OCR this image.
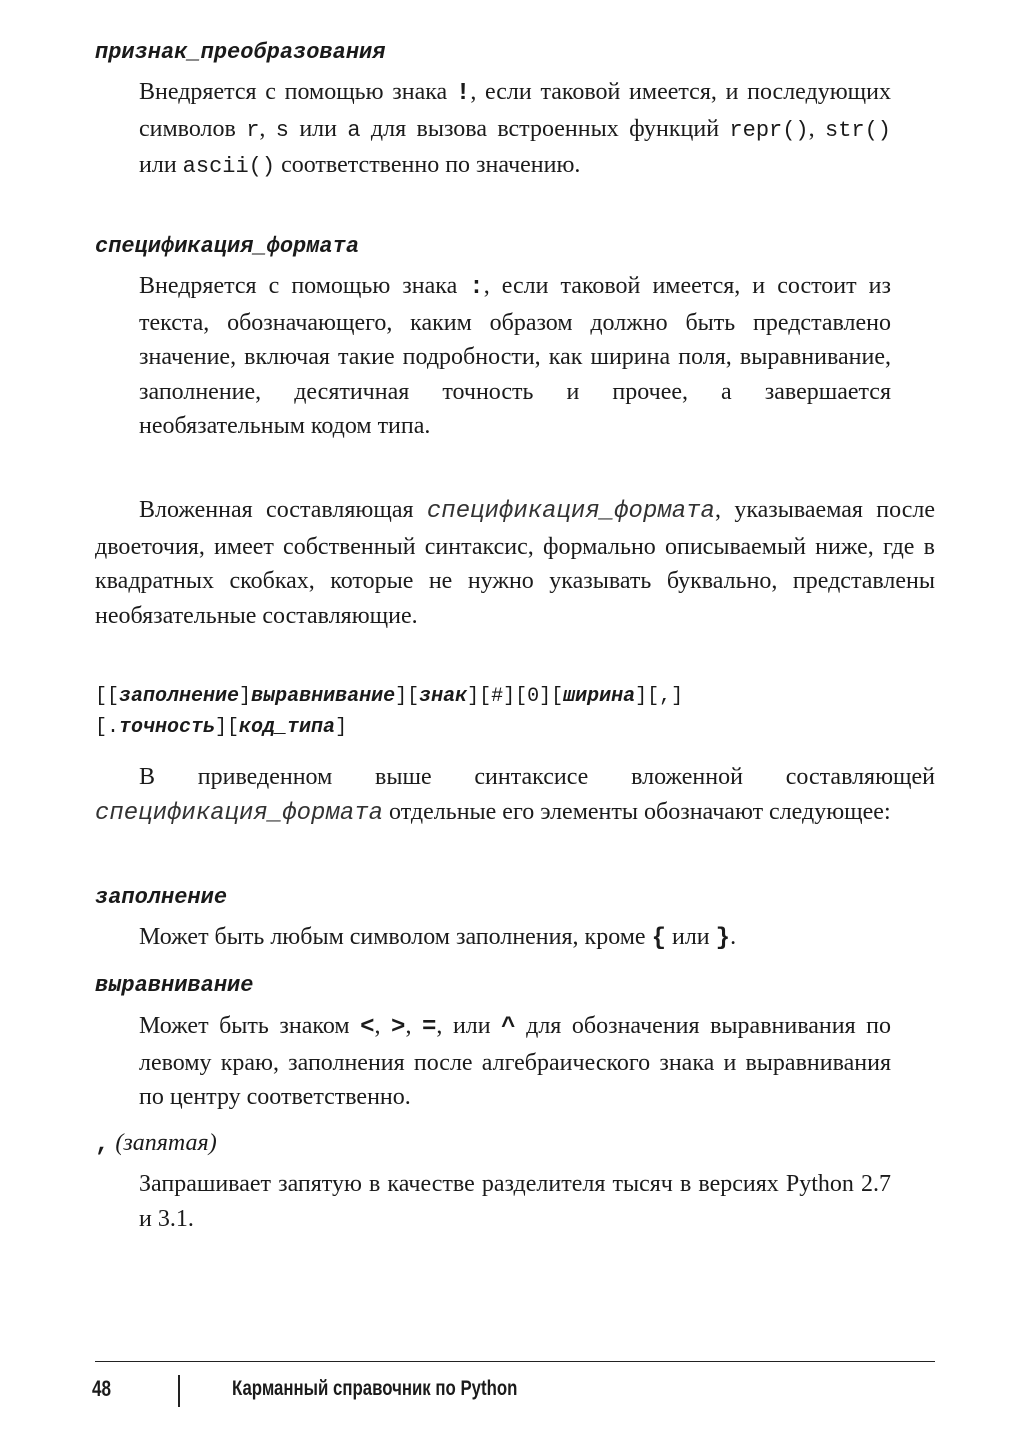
признак_преобразования

Внедряется с помощью знака !, если таковой имеется, и последующих символов r, s или a для вызова встроенных функций repr(), str() или ascii() соответственно по значению.

спецификация_формата

Внедряется с помощью знака :, если таковой имеется, и состоит из текста, обозначающего, каким образом должно быть представлено значение, включая такие подробности, как ширина поля, выравнивание, заполнение, десятичная точность и прочее, а завершается необязательным кодом типа.

Вложенная составляющая спецификация_формата, указываемая после двоеточия, имеет собственный синтаксис, формально описываемый ниже, где в квадратных скобках, которые не нужно указывать буквально, представлены необязательные составляющие.

[[заполнение]выравнивание][знак][#][0][ширина][,]
[.точность][код_типа]

В приведенном выше синтаксисе вложенной составляющей спецификация_формата отдельные его элементы обозначают следующее:

заполнение

Может быть любым символом заполнения, кроме { или }.

выравнивание

Может быть знаком <, >, =, или ^ для обозначения выравнивания по левому краю, заполнения после алгебраического знака и выравнивания по центру соответственно.

, (запятая)

Запрашивает запятую в качестве разделителя тысяч в версиях Python 2.7 и 3.1.

48	Карманный справочник по Python
